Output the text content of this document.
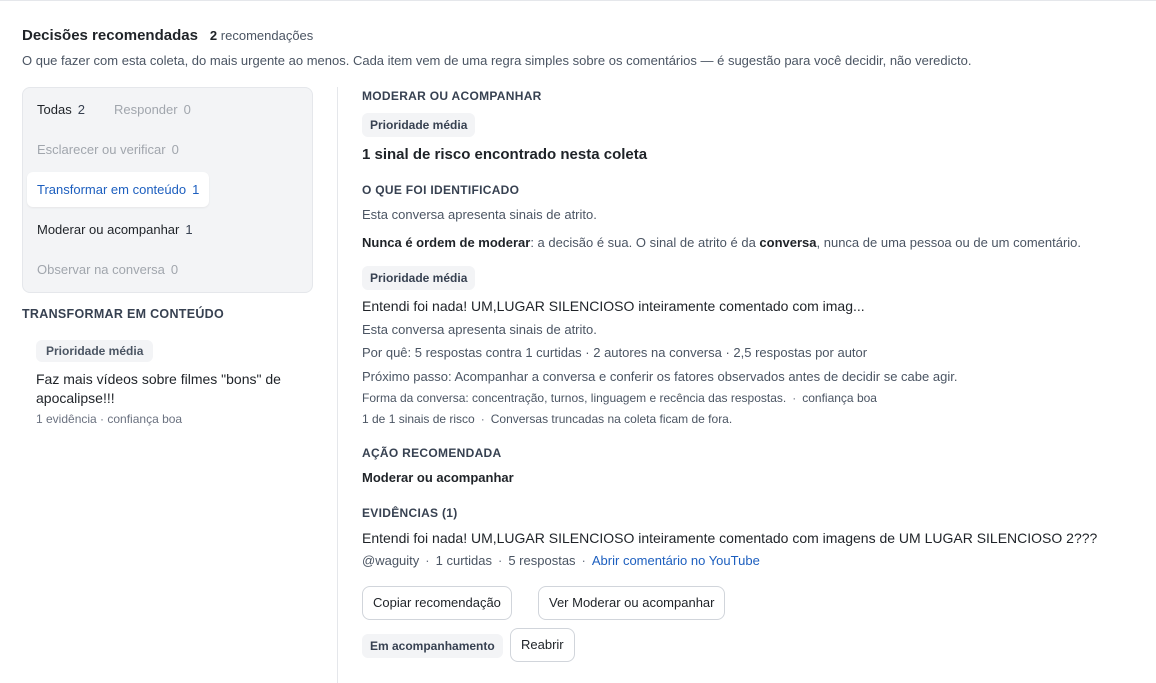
Decisões recomendadas 2 recomendações
O que fazer com esta coleta, do mais urgente ao menos. Cada item vem de uma regra simples sobre os comentários — é sugestão para você decidir, não veredicto.
Todas 2	Responder 0
Esclarecer ou verificar 0
Transformar em conteúdo 1
Moderar ou acompanhar 1
Observar na conversa 0
TRANSFORMAR EM CONTEÚDO
Prioridade média
Faz mais vídeos sobre filmes "bons" de apocalipse!!!
1 evidência · confiança boa
MODERAR OU ACOMPANHAR
Prioridade média
1 sinal de risco encontrado nesta coleta
O QUE FOI IDENTIFICADO
Esta conversa apresenta sinais de atrito.
Nunca é ordem de moderar: a decisão é sua. O sinal de atrito é da conversa, nunca de uma pessoa ou de um comentário.
Prioridade média
Entendi foi nada! UM,LUGAR SILENCIOSO inteiramente comentado com imag...
Esta conversa apresenta sinais de atrito.
Por quê: 5 respostas contra 1 curtidas · 2 autores na conversa · 2,5 respostas por autor
Próximo passo: Acompanhar a conversa e conferir os fatores observados antes de decidir se cabe agir.
Forma da conversa: concentração, turnos, linguagem e recência das respostas. · confiança boa
1 de 1 sinais de risco · Conversas truncadas na coleta ficam de fora.
AÇÃO RECOMENDADA
Moderar ou acompanhar
EVIDÊNCIAS (1)
Entendi foi nada! UM,LUGAR SILENCIOSO inteiramente comentado com imagens de UM LUGAR SILENCIOSO 2???
@waguity · 1 curtidas · 5 respostas · Abrir comentário no YouTube
Copiar recomendação	Ver Moderar ou acompanhar
Em acompanhamento	Reabrir
